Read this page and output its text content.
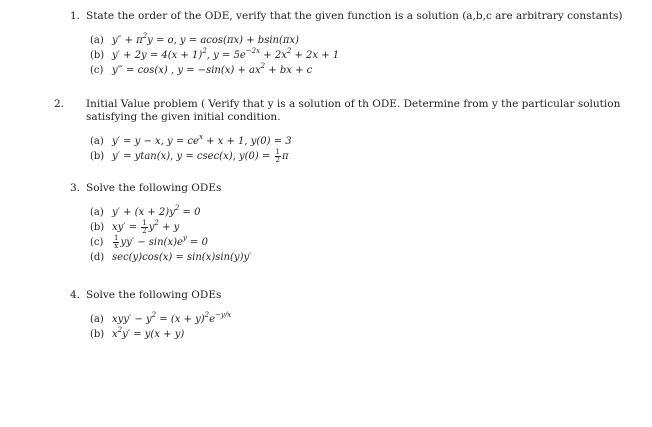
1. State the order of the ODE, verify that the given function is a solution (a,b,c are arbitrary constants)
(a) $y'' + \pi^2y = o$, y = acos(πx) + bsin(πx)
(b) $y' + 2y = 4(x + 1)^2$, $y = 5e^{-2x} + 2x^2 + 2x + 1$
(c) y‴ = cos(x) , $y = -\sin(x) + ax^2$ + bx + c
2. Initial Value problem ( Verify that y is a solution of th ODE. Determine from y the particular solution satisfying the given initial condition.
(a) y′ = y − x, $y = ce^x + x + 1$, y(0) = 3
(b) y′ = ytan(x), y = csec(x), $y(0) = \frac{1}{2}$ π
3. Solve the following ODEs
(a) $y' + (x + 2)y^2 = 0$
(b) $xy' = \frac{1}{2} y^2 + y$
$(c) \frac{1}{x} yy' - \sin(x)e^y = 0$
(d) sec(y)cos(x) = sin(x)sin(y)y′
4. Solve the following ODEs
(a) $xyy' - y^2 = (x + y)^2e^{-y/x}$
(b) $x^2y' = y(x + y)$
